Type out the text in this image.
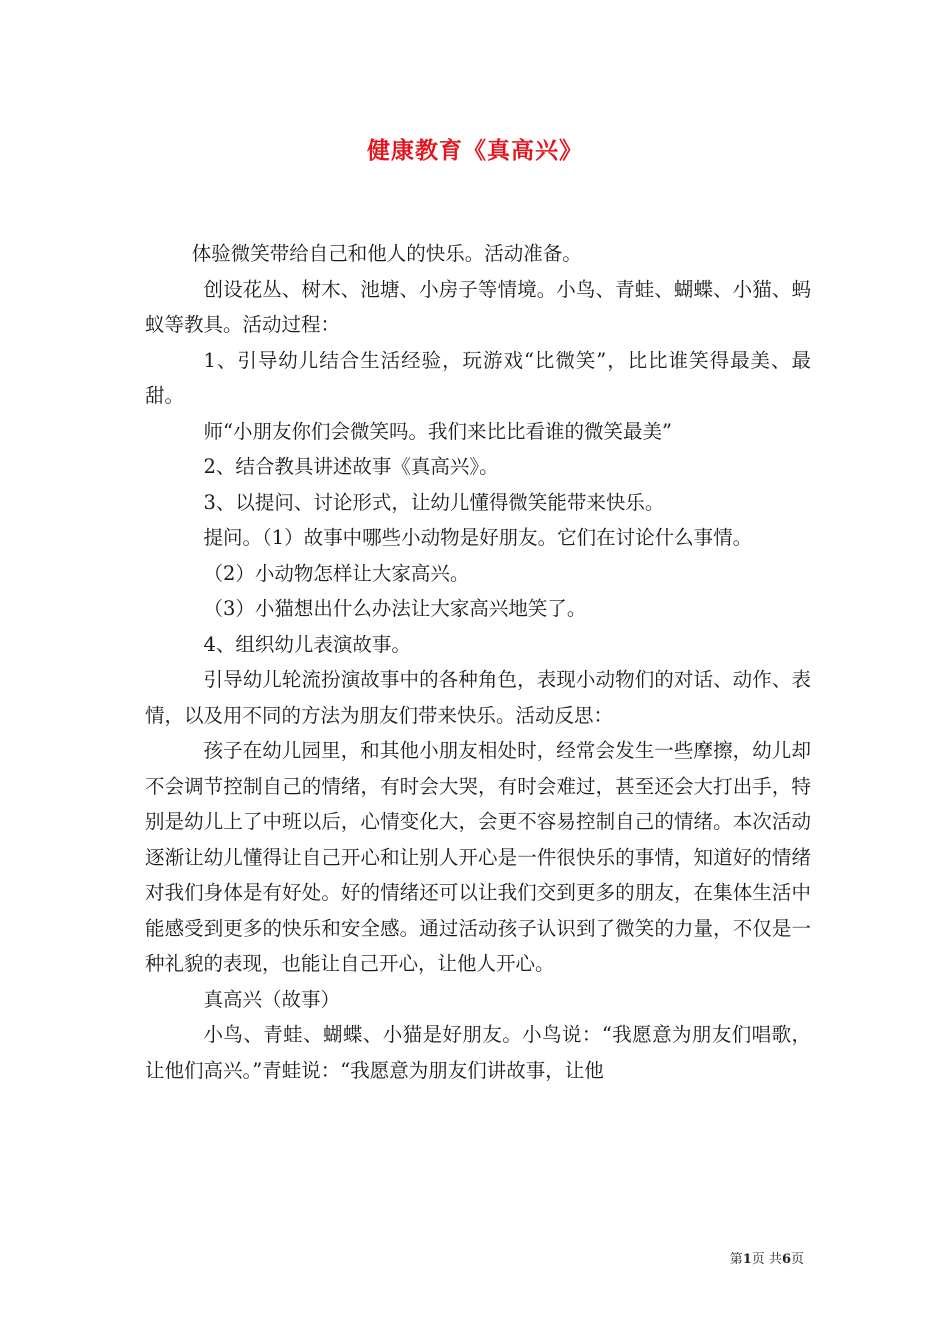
健康教育《真高兴》

体验微笑带给自己和他人的快乐。活动准备。

创设花丛、树木、池塘、小房子等情境。小鸟、青蛙、蝴蝶、小猫、蚂蚁等教具。活动过程：

1、引导幼儿结合生活经验，玩游戏“比微笑”，比比谁笑得最美、最甜。

师“小朋友你们会微笑吗。我们来比比看谁的微笑最美”

2、结合教具讲述故事《真高兴》。

3、以提问、讨论形式，让幼儿懂得微笑能带来快乐。

提问。（1）故事中哪些小动物是好朋友。它们在讨论什么事情。

（2）小动物怎样让大家高兴。

（3）小猫想出什么办法让大家高兴地笑了。

4、组织幼儿表演故事。

引导幼儿轮流扮演故事中的各种角色，表现小动物们的对话、动作、表情，以及用不同的方法为朋友们带来快乐。活动反思：

孩子在幼儿园里，和其他小朋友相处时，经常会发生一些摩擦，幼儿却不会调节控制自己的情绪，有时会大哭，有时会难过，甚至还会大打出手，特别是幼儿上了中班以后，心情变化大，会更不容易控制自己的情绪。本次活动逐渐让幼儿懂得让自己开心和让别人开心是一件很快乐的事情，知道好的情绪对我们身体是有好处。好的情绪还可以让我们交到更多的朋友，在集体生活中能感受到更多的快乐和安全感。通过活动孩子认识到了微笑的力量，不仅是一种礼貌的表现，也能让自己开心，让他人开心。

真高兴（故事）

小鸟、青蛙、蝴蝶、小猫是好朋友。小鸟说：“我愿意为朋友们唱歌，让他们高兴。”青蛙说：“我愿意为朋友们讲故事，让他

第1页 共6页
